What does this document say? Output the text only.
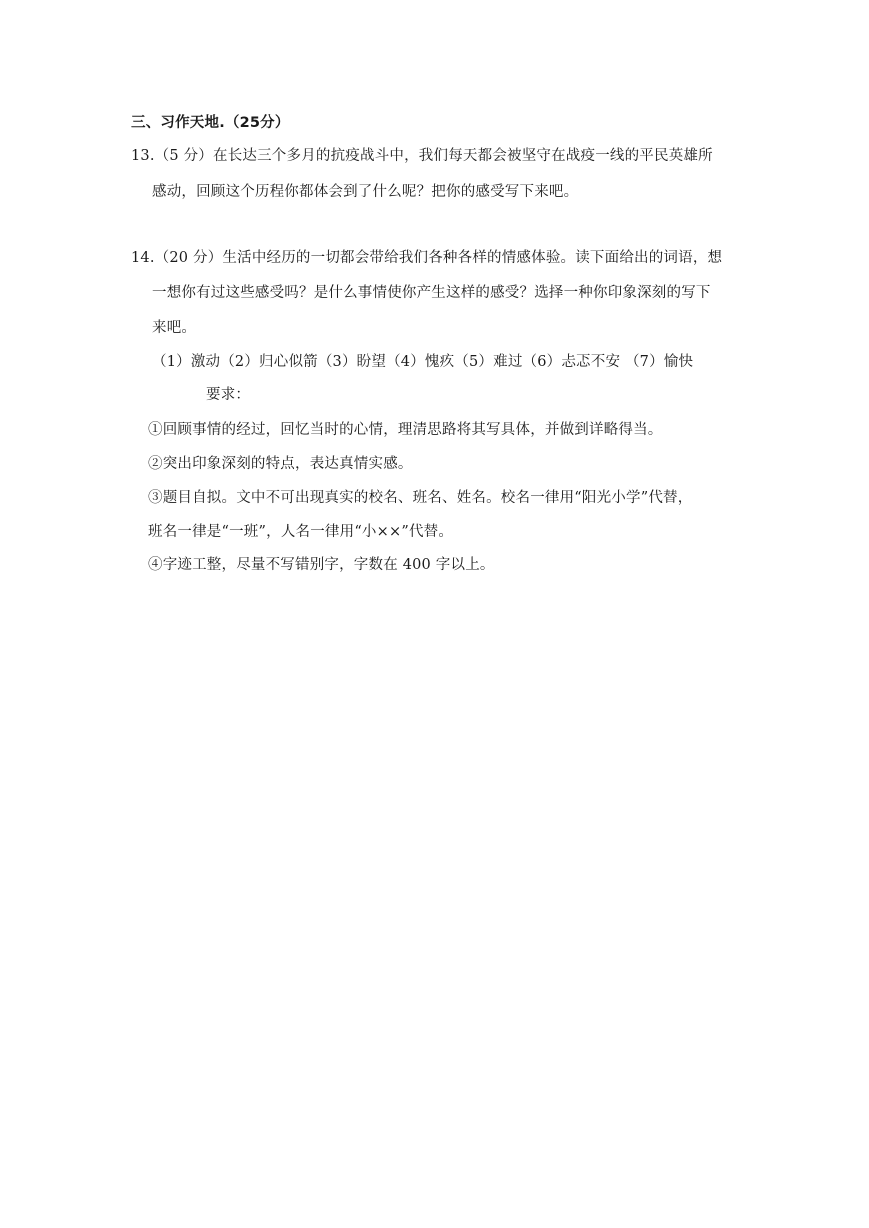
三、习作天地.（25分）
13.（5 分）在长达三个多月的抗疫战斗中，我们每天都会被坚守在战疫一线的平民英雄所
感动，回顾这个历程你都体会到了什么呢？把你的感受写下来吧。
14.（20 分）生活中经历的一切都会带给我们各种各样的情感体验。读下面给出的词语，想
一想你有过这些感受吗？是什么事情使你产生这样的感受？选择一种你印象深刻的写下
来吧。
（1）激动（2）归心似箭（3）盼望（4）愧疚（5）难过（6）忐忑不安 （7）愉快
要求：
①回顾事情的经过，回忆当时的心情，理清思路将其写具体，并做到详略得当。
②突出印象深刻的特点，表达真情实感。
③题目自拟。文中不可出现真实的校名、班名、姓名。校名一律用“阳光小学”代替，
班名一律是“一班”，人名一律用“小××”代替。
④字迹工整，尽量不写错别字，字数在 400 字以上。
